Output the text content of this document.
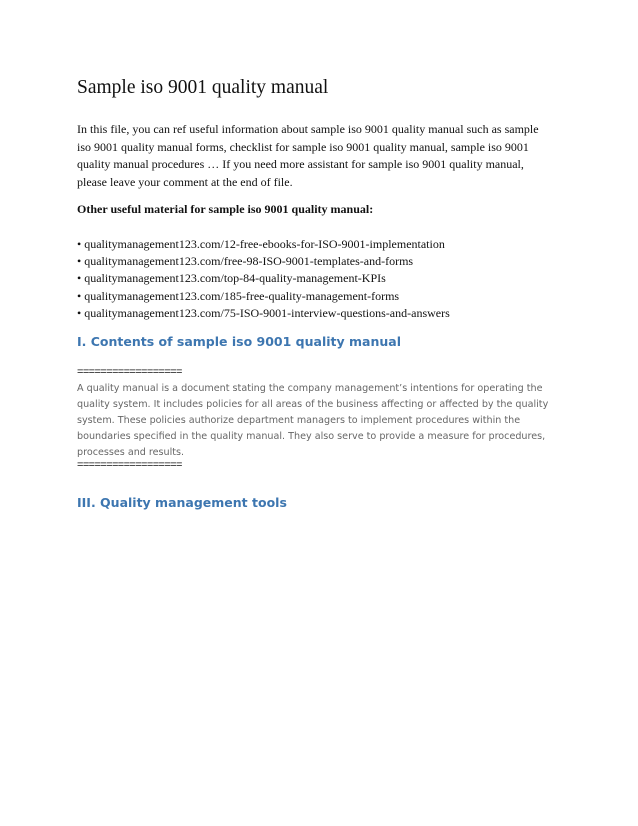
Sample iso 9001 quality manual
In this file, you can ref useful information about sample iso 9001 quality manual such as sample
iso 9001 quality manual forms, checklist for sample iso 9001 quality manual, sample iso 9001
quality manual procedures … If you need more assistant for sample iso 9001 quality manual,
please leave your comment at the end of file.
Other useful material for sample iso 9001 quality manual:
• qualitymanagement123.com/12-free-ebooks-for-ISO-9001-implementation
• qualitymanagement123.com/free-98-ISO-9001-templates-and-forms
• qualitymanagement123.com/top-84-quality-management-KPIs
• qualitymanagement123.com/185-free-quality-management-forms
• qualitymanagement123.com/75-ISO-9001-interview-questions-and-answers
I. Contents of sample iso 9001 quality manual
==================
A quality manual is a document stating the company management’s intentions for operating the
quality system. It includes policies for all areas of the business affecting or affected by the quality
system. These policies authorize department managers to implement procedures within the
boundaries specified in the quality manual. They also serve to provide a measure for procedures,
processes and results.
==================
III. Quality management tools
